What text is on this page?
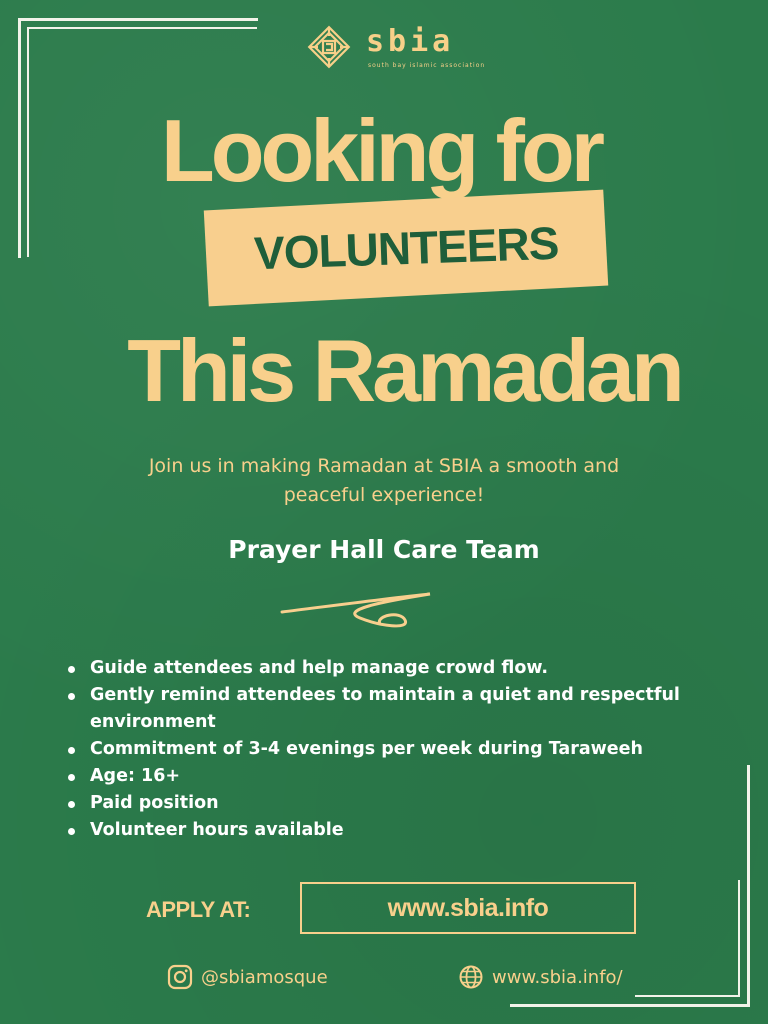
sbia
south bay islamic association
Looking for
VOLUNTEERS
This Ramadan
Join us in making Ramadan at SBIA a smooth and
peaceful experience!
Prayer Hall Care Team
Guide attendees and help manage crowd flow.
Gently remind attendees to maintain a quiet and respectful environment
Commitment of 3-4 evenings per week during Taraweeh
Age: 16+
Paid position
Volunteer hours available
APPLY AT:	www.sbia.info
@sbiamosque	www.sbia.info/
